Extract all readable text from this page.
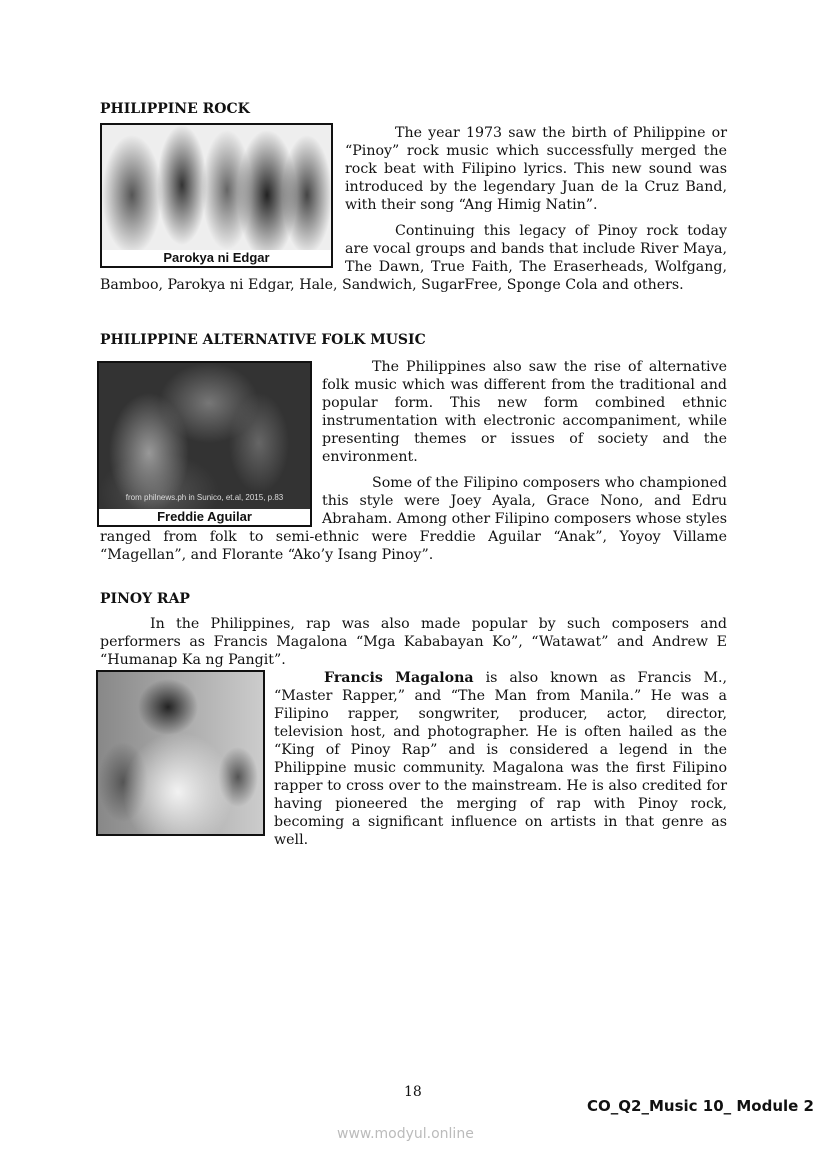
PHILIPPINE ROCK
Parokya ni Edgar

The year 1973 saw the birth of Philippine or “Pinoy” rock music which successfully merged the rock beat with Filipino lyrics. This new sound was introduced by the legendary Juan de la Cruz Band, with their song “Ang Himig Natin”.

Continuing this legacy of Pinoy rock today are vocal groups and bands that include River Maya, The Dawn, True Faith, The Eraserheads, Wolfgang, Bamboo, Parokya ni Edgar, Hale, Sandwich, SugarFree, Sponge Cola and others.

PHILIPPINE ALTERNATIVE FOLK MUSIC
from philnews.ph in Sunico, et.al, 2015, p.83
Freddie Aguilar

The Philippines also saw the rise of alternative folk music which was different from the traditional and popular form. This new form combined ethnic instrumentation with electronic accompaniment, while presenting themes or issues of society and the environment.

Some of the Filipino composers who championed this style were Joey Ayala, Grace Nono, and Edru Abraham. Among other Filipino composers whose styles ranged from folk to semi-ethnic were Freddie Aguilar “Anak”, Yoyoy Villame “Magellan”, and Florante “Ako’y Isang Pinoy”.

PINOY RAP

In the Philippines, rap was also made popular by such composers and performers as Francis Magalona “Mga Kababayan Ko”, “Watawat” and Andrew E “Humanap Ka ng Pangit”.

Francis Magalona is also known as Francis M., “Master Rapper,” and “The Man from Manila.” He was a Filipino rapper, songwriter, producer, actor, director, television host, and photographer. He is often hailed as the “King of Pinoy Rap” and is considered a legend in the Philippine music community. Magalona was the first Filipino rapper to cross over to the mainstream. He is also credited for having pioneered the merging of rap with Pinoy rock, becoming a significant influence on artists in that genre as well.

18
CO_Q2_Music 10_ Module 2
www.modyul.online
